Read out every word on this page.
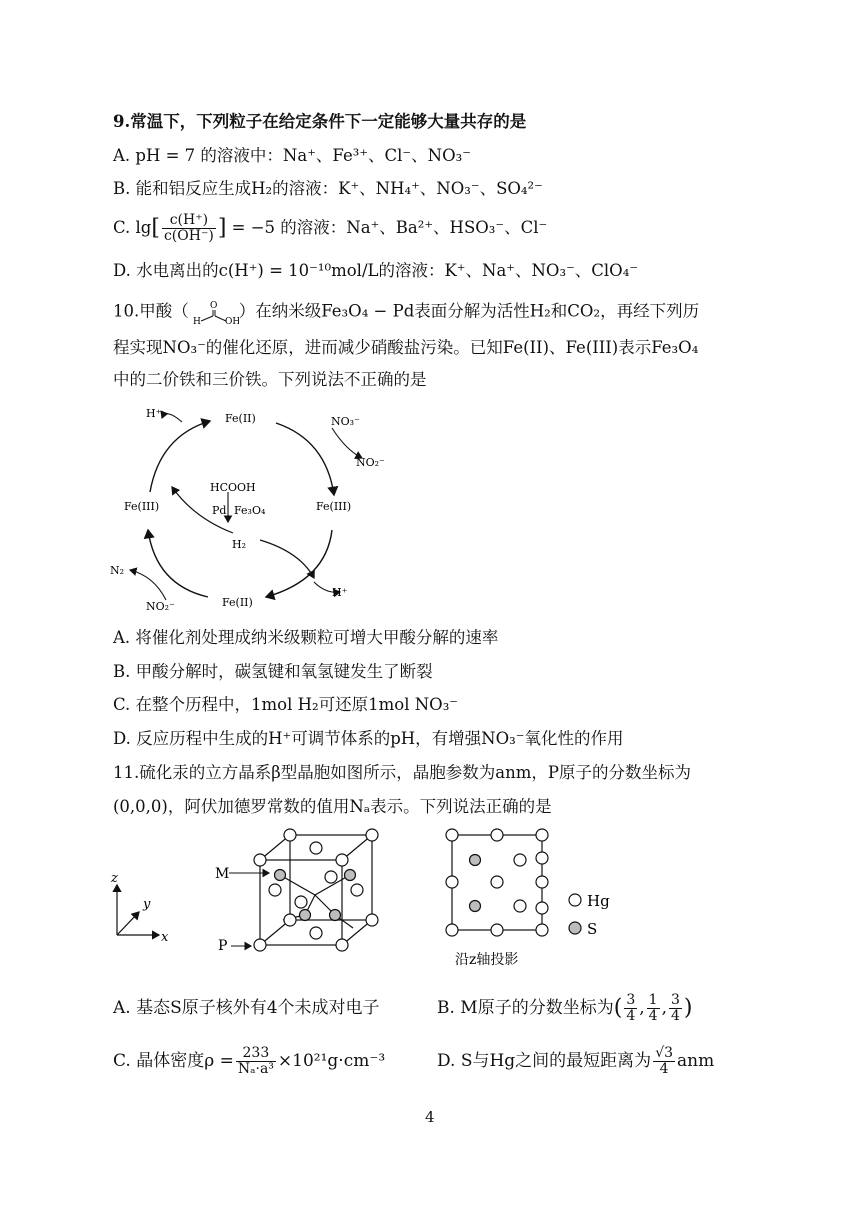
9.常温下，下列粒子在给定条件下一定能够大量共存的是
A. pH = 7 的溶液中：Na⁺、Fe³⁺、Cl⁻、NO₃⁻
B. 能和铝反应生成H₂的溶液：K⁺、NH₄⁺、NO₃⁻、SO₄²⁻
C. $\lg[ \frac{c(H^+)}{c(OH^-)}$ ] = −5 的溶液：Na⁺、Ba²⁺、HSO₃⁻、Cl⁻
D. 水电离出的c(H⁺) = 10⁻¹⁰mol/L的溶液：K⁺、Na⁺、NO₃⁻、ClO₄⁻
10.甲酸（ O
H	OH
）在纳米级Fe₃O₄ − Pd表面分解为活性H₂和CO₂，再经下列历
程实现NO₃⁻的催化还原，进而减少硝酸盐污染。已知Fe(II)、Fe(III)表示Fe₃O₄
中的二价铁和三价铁。下列说法不正确的是
Fe(II)
Fe(III)
Fe(II)
Fe(III)
H⁺
H⁺
NO₃⁻
NO₂⁻
NO₂⁻
N₂
HCOOH
Pd Fe₃O₄
H₂
A. 将催化剂处理成纳米级颗粒可增大甲酸分解的速率
B. 甲酸分解时，碳氢键和氧氢键发生了断裂
C. 在整个历程中，1mol H₂可还原1mol NO₃⁻
D. 反应历程中生成的H⁺可调节体系的pH，有增强NO₃⁻氧化性的作用
11.硫化汞的立方晶系β型晶胞如图所示，晶胞参数为anm，P原子的分数坐标为
(0,0,0)，阿伏加德罗常数的值用Nₐ表示。下列说法正确的是
z
y
x
M
P
Hg
S
沿z轴投影
A. 基态S原子核外有4个未成对电子	B. M原子的分数坐标为( $\frac{3}{4}$ , $\frac{1}{4}$ , $\frac{3}{4}$ )
C. 晶体密度$\rho = \frac{233}{\text{Nₐ·a³}} \times 10^{21}g\cdot cm^{-3}$	D. S与Hg之间的最短距离为 $\frac{√3}{4}$ anm
4
